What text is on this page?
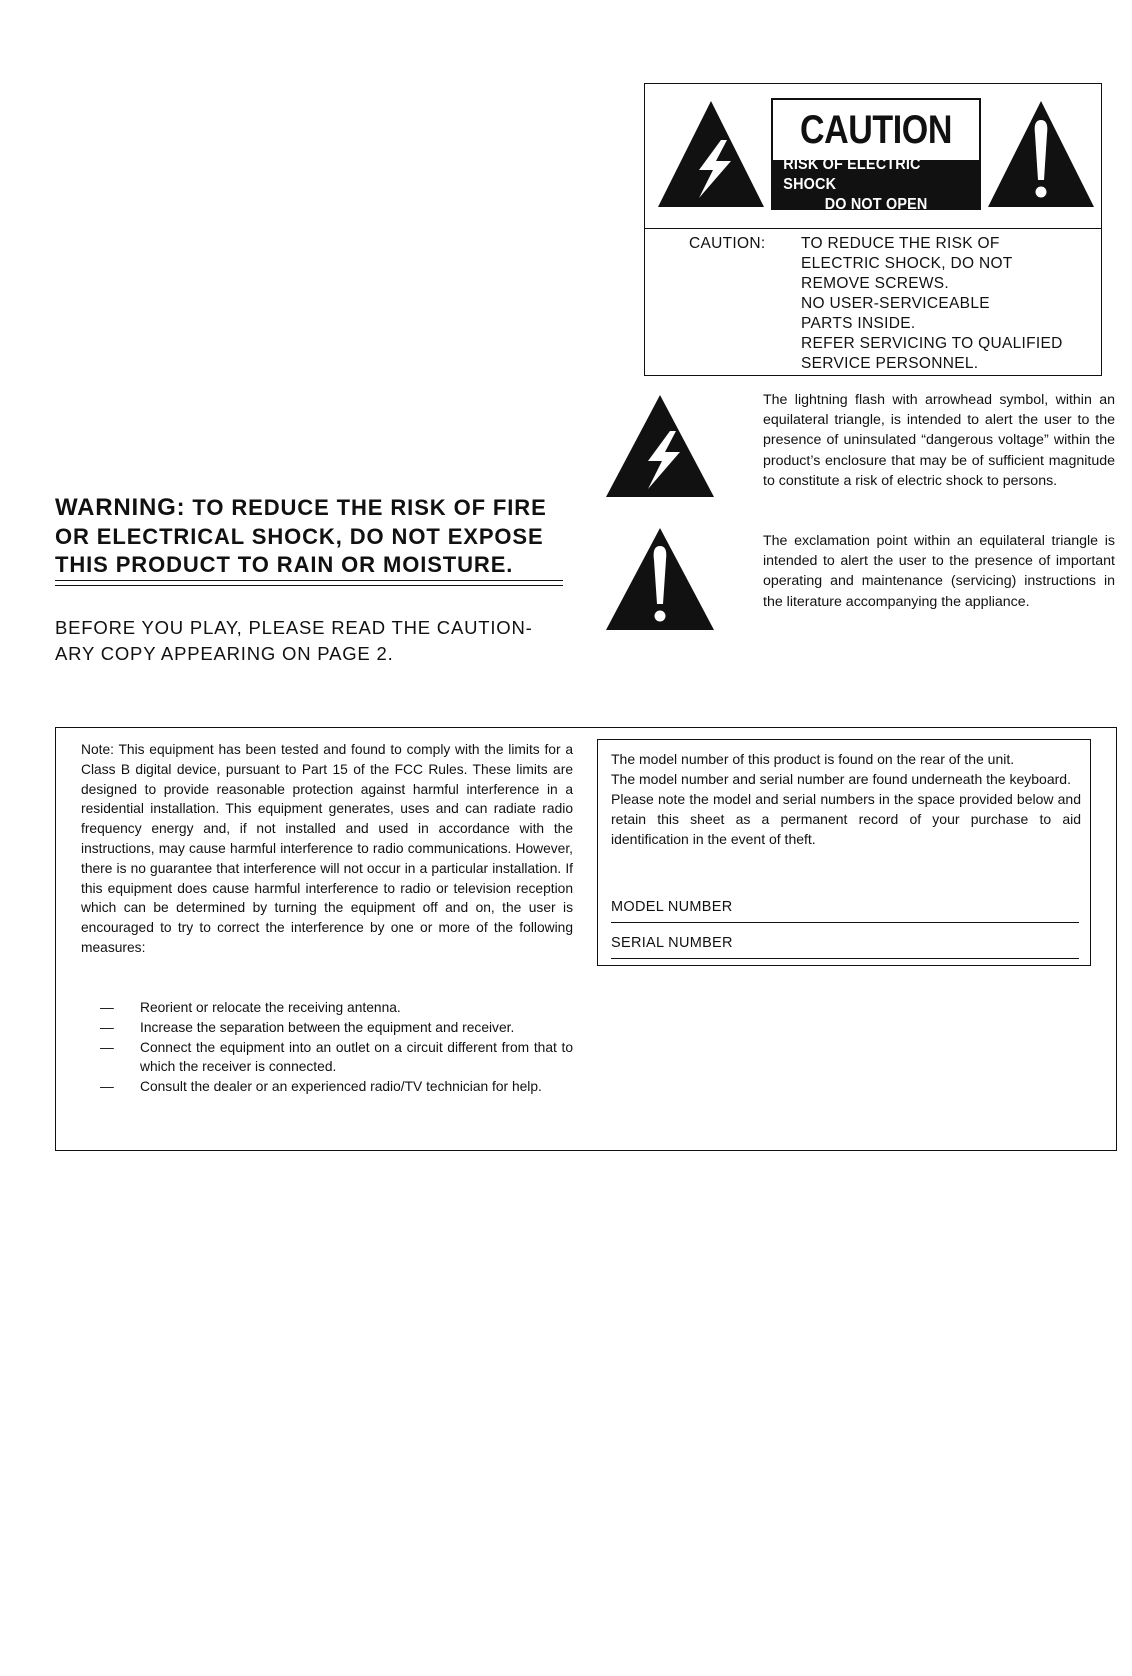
CAUTION
RISK OF ELECTRIC SHOCK
DO NOT OPEN
CAUTION: TO REDUCE THE RISK OF
ELECTRIC SHOCK, DO NOT
REMOVE SCREWS.
NO USER-SERVICEABLE
PARTS INSIDE.
REFER SERVICING TO QUALIFIED
SERVICE PERSONNEL.
The lightning flash with arrowhead symbol, within an equilateral triangle, is intended to alert the user to the presence of uninsulated “dangerous voltage” within the product’s enclosure that may be of sufficient magnitude to constitute a risk of electric shock to persons.
The exclamation point within an equilateral triangle is intended to alert the user to the presence of important operating and maintenance (servicing) instructions in the literature accompanying the appliance.
WARNING: TO REDUCE THE RISK OF FIRE
OR ELECTRICAL SHOCK, DO NOT EXPOSE
THIS PRODUCT TO RAIN OR MOISTURE.
BEFORE YOU PLAY, PLEASE READ THE CAUTION-
ARY COPY APPEARING ON PAGE 2.
Note: This equipment has been tested and found to comply with the limits for a Class B digital device, pursuant to Part 15 of the FCC Rules. These limits are designed to provide reasonable protection against harmful interference in a residential installation. This equipment generates, uses and can radiate radio frequency energy and, if not installed and used in accordance with the instructions, may cause harmful interference to radio communications. However, there is no guarantee that interference will not occur in a particular installation. If this equipment does cause harmful interference to radio or television reception which can be determined by turning the equipment off and on, the user is encouraged to try to correct the interference by one or more of the following measures:
— Reorient or relocate the receiving antenna.
— Increase the separation between the equipment and receiver.
— Connect the equipment into an outlet on a circuit different from that to which the receiver is connected.
— Consult the dealer or an experienced radio/TV technician for help.
The model number of this product is found on the rear of the unit.
The model number and serial number are found underneath the keyboard.
Please note the model and serial numbers in the space provided below and retain this sheet as a permanent record of your purchase to aid identification in the event of theft.
MODEL NUMBER
SERIAL NUMBER
